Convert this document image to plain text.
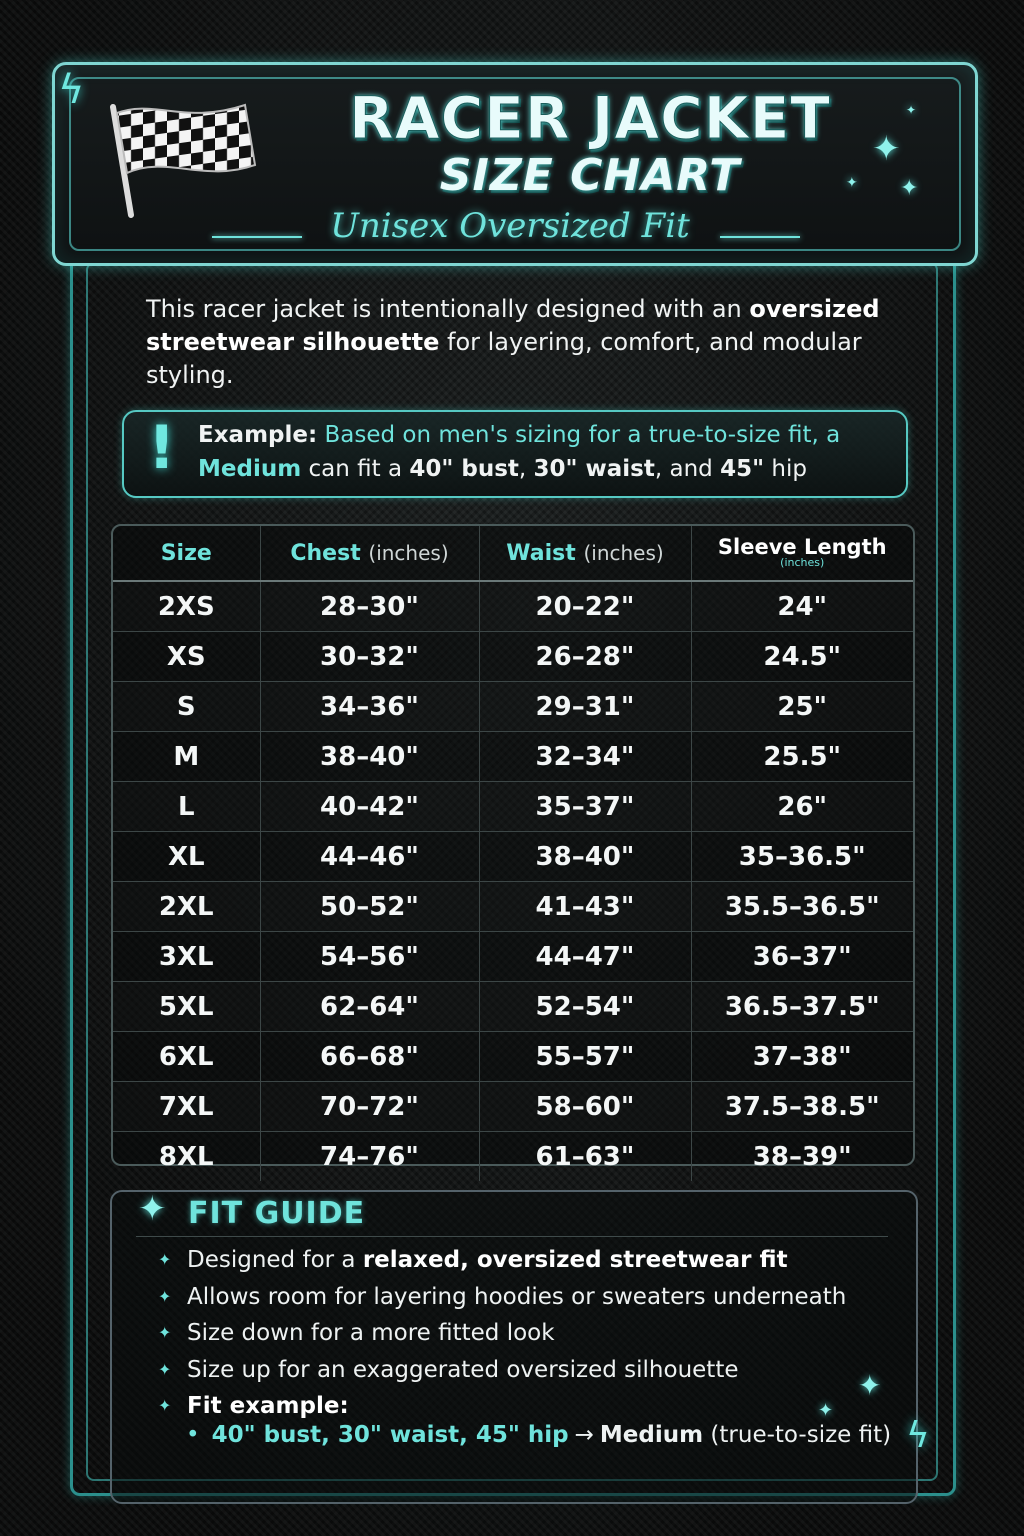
ϟ	RACER JACKET
SIZE CHART
Unisex Oversized Fit
✦
✦
✦
✦
This racer jacket is intentionally designed with an oversized streetwear silhouette for layering, comfort, and modular styling.
! Example: Based on men's sizing for a true-to-size fit, a Medium can fit a 40" bust, 30" waist, and 45" hip
Size	Chest (inches)	Waist (inches)	Sleeve Length
(inches)

2XS	28–30"	20–22"	24"
XS	30–32"	26–28"	24.5"
S	34–36"	29–31"	25"
M	38–40"	32–34"	25.5"
L	40–42"	35–37"	26"
XL	44–46"	38–40"	35–36.5"
2XL	50–52"	41–43"	35.5–36.5"
3XL	54–56"	44–47"	36–37"
5XL	62–64"	52–54"	36.5–37.5"
6XL	66–68"	55–57"	37–38"
7XL	70–72"	58–60"	37.5–38.5"
8XL	74–76"	61–63"	38–39"
✦ FIT GUIDE
✦ Designed for a relaxed, oversized streetwear fit
✦ Allows room for layering hoodies or sweaters underneath
✦ Size down for a more fitted look
✦ Size up for an exaggerated oversized silhouette
✦ Fit example:
• 40" bust, 30" waist, 45" hip → Medium (true-to-size fit)
✦
✦
ϟ
